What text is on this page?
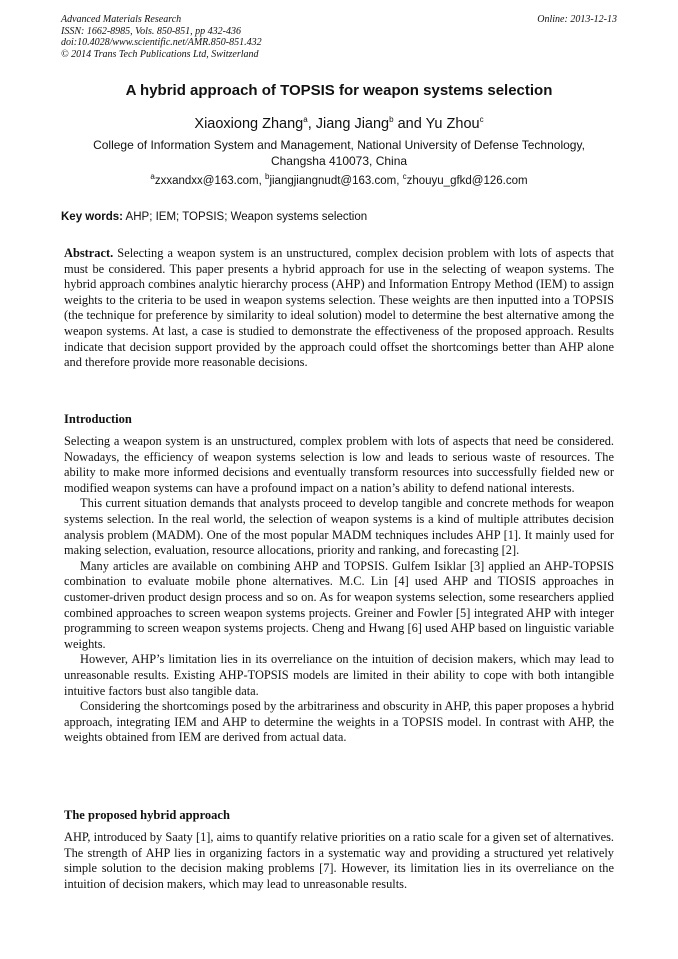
Advanced Materials Research
ISSN: 1662-8985, Vols. 850-851, pp 432-436
doi:10.4028/www.scientific.net/AMR.850-851.432
© 2014 Trans Tech Publications Ltd, Switzerland
Online: 2013-12-13
A hybrid approach of TOPSIS for weapon systems selection
Xiaoxiong Zhang$^a$, Jiang Jiang$^b$ and Yu Zhou$^c$
College of Information System and Management, National University of Defense Technology,
Changsha 410073, China
$^a$zxxandxx@163.com, $^b$jiangjiangnudt@163.com, $^c$zhouyu_gfkd@126.com
Key words: AHP; IEM; TOPSIS; Weapon systems selection

Abstract. Selecting a weapon system is an unstructured, complex decision problem with lots of aspects that must be considered. This paper presents a hybrid approach for use in the selecting of weapon systems. The hybrid approach combines analytic hierarchy process (AHP) and Information Entropy Method (IEM) to assign weights to the criteria to be used in weapon systems selection. These weights are then inputted into a TOPSIS (the technique for preference by similarity to ideal solution) model to determine the best alternative among the weapon systems. At last, a case is studied to demonstrate the effectiveness of the proposed approach. Results indicate that decision support provided by the approach could offset the shortcomings better than AHP alone and therefore provide more reasonable decisions.

Introduction

Selecting a weapon system is an unstructured, complex problem with lots of aspects that need be considered. Nowadays, the efficiency of weapon systems selection is low and leads to serious waste of resources. The ability to make more informed decisions and eventually transform resources into successfully fielded new or modified weapon systems can have a profound impact on a nation’s ability to defend national interests.

This current situation demands that analysts proceed to develop tangible and concrete methods for weapon systems selection. In the real world, the selection of weapon systems is a kind of multiple attributes decision analysis problem (MADM). One of the most popular MADM techniques includes AHP [1]. It mainly used for making selection, evaluation, resource allocations, priority and ranking, and forecasting [2].

Many articles are available on combining AHP and TOPSIS. Gulfem Isiklar [3] applied an AHP-TOPSIS combination to evaluate mobile phone alternatives. M.C. Lin [4] used AHP and TIOSIS approaches in customer-driven product design process and so on. As for weapon systems selection, some researchers applied combined approaches to screen weapon systems projects. Greiner and Fowler [5] integrated AHP with integer programming to screen weapon systems projects. Cheng and Hwang [6] used AHP based on linguistic variable weights.

However, AHP’s limitation lies in its overreliance on the intuition of decision makers, which may lead to unreasonable results. Existing AHP-TOPSIS models are limited in their ability to cope with both intangible intuitive factors bust also tangible data.

Considering the shortcomings posed by the arbitrariness and obscurity in AHP, this paper proposes a hybrid approach, integrating IEM and AHP to determine the weights in a TOPSIS model. In contrast with AHP, the weights obtained from IEM are derived from actual data.

The proposed hybrid approach

AHP, introduced by Saaty [1], aims to quantify relative priorities on a ratio scale for a given set of alternatives. The strength of AHP lies in organizing factors in a systematic way and providing a structured yet relatively simple solution to the decision making problems [7]. However, its limitation lies in its overreliance on the intuition of decision makers, which may lead to unreasonable results.
